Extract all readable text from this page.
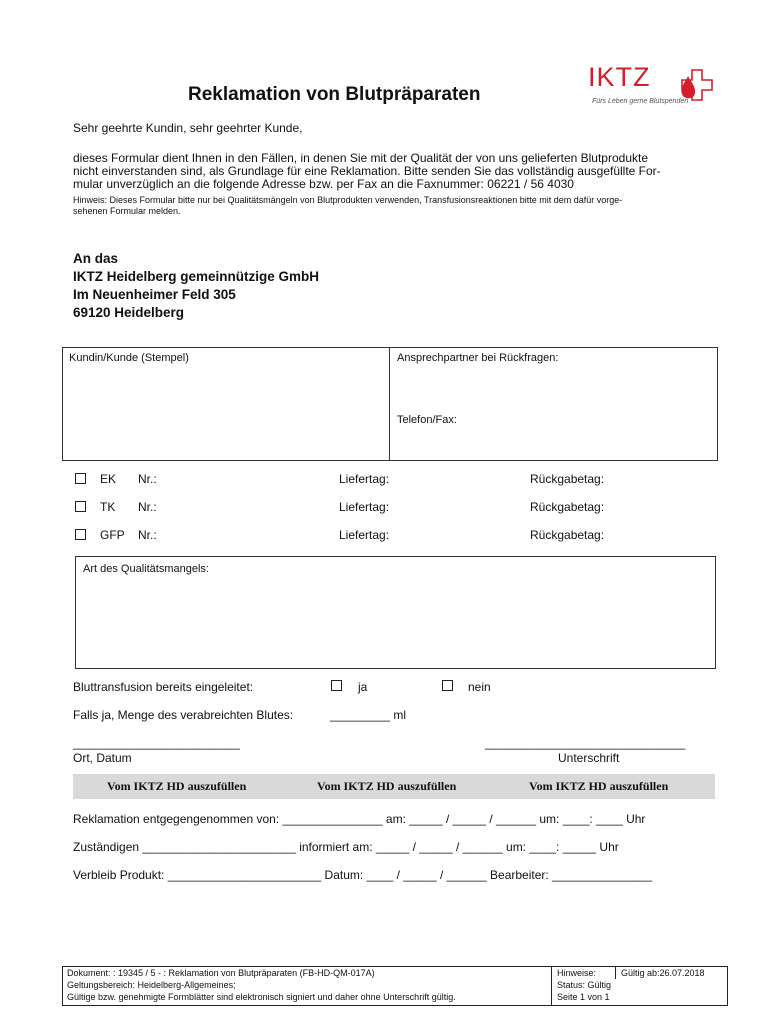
Reklamation von Blutpräparaten
IKTZ
Fürs Leben gerne Blutspenden
Sehr geehrte Kundin, sehr geehrter Kunde,
dieses Formular dient Ihnen in den Fällen, in denen Sie mit der Qualität der von uns gelieferten Blutprodukte
nicht einverstanden sind, als Grundlage für eine Reklamation. Bitte senden Sie das vollständig ausgefüllte For-
mular unverzüglich an die folgende Adresse bzw. per Fax an die Faxnummer: 06221 / 56 4030
Hinweis: Dieses Formular bitte nur bei Qualitätsmängeln von Blutprodukten verwenden, Transfusionsreaktionen bitte mit dem dafür vorge-
sehenen Formular melden.
An das
IKTZ Heidelberg gemeinnützige GmbH
Im Neuenheimer Feld 305
69120 Heidelberg
Kundin/Kunde (Stempel)	Ansprechpartner bei Rückfragen:
Telefon/Fax:
EK Nr.:	Liefertag:	Rückgabetag:
TK Nr.:	Liefertag:	Rückgabetag:
GFP Nr.:	Liefertag:	Rückgabetag:
Art des Qualitätsmangels:
Bluttransfusion bereits eingeleitet:	ja	nein
Falls ja, Menge des verabreichten Blutes:	_________ ml
_________________________
Ort, Datum
______________________________
Unterschrift
Vom IKTZ HD auszufüllen	Vom IKTZ HD auszufüllen	Vom IKTZ HD auszufüllen
Reklamation entgegengenommen von: _______________ am: _____ / _____ / ______ um: ____: ____ Uhr
Zuständigen _______________________ informiert am: _____ / _____ / ______ um: ____: _____ Uhr
Verbleib Produkt: _______________________ Datum: ____ / _____ / ______ Bearbeiter: _______________
Dokument: : 19345 / 5 - : Reklamation von Blutpräparaten (FB-HD-QM-017A)
Geltungsbereich: Heidelberg-Allgemeines;
Gültige bzw. genehmigte Formblätter sind elektronisch signiert und daher ohne Unterschrift gültig.
Hinweise:	Gültig ab:26.07.2018
Status: Gültig
Seite 1 von 1
